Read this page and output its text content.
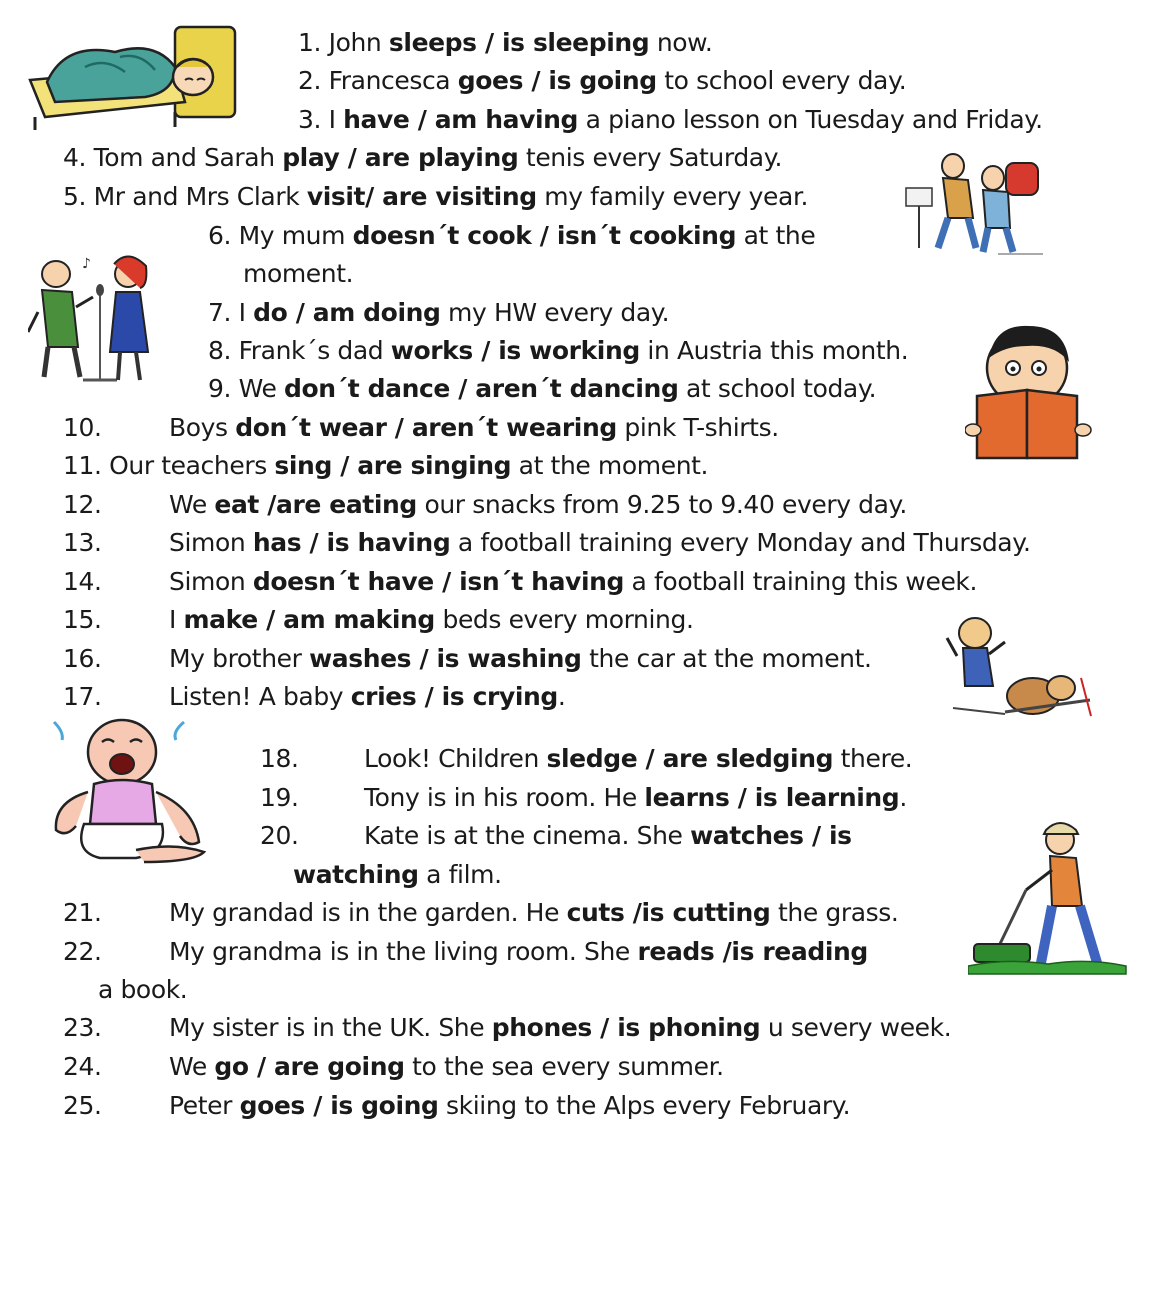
1. John sleeps / is sleeping now.
2. Francesca goes / is going to school every day.
3. I have / am having a piano lesson on Tuesday and Friday.
4. Tom and Sarah play / are playing tenis every Saturday.
5. Mr and Mrs Clark visit/ are visiting my family every year.
6. My mum doesn´t cook / isn´t cooking at the
moment.
7. I do / am doing my HW every day.
8. Frank´s dad works / is working in Austria this month.
9. We don´t dance / aren´t dancing at school today.
10.	Boys don´t wear / aren´t wearing pink T-shirts.
11. Our teachers sing / are singing at the moment.
12.	We eat /are eating our snacks from 9.25 to 9.40 every day.
13.	Simon has / is having a football training every Monday and Thursday.
14.	Simon doesn´t have / isn´t having a football training this week.
15.	I make / am making beds every morning.
16.	My brother washes / is washing the car at the moment.
17.	Listen! A baby cries / is crying.
18.	Look! Children sledge / are sledging there.
19.	Tony is in his room. He learns / is learning.
20.	Kate is at the cinema. She watches / is
watching a film.
21.	My grandad is in the garden. He cuts /is cutting the grass.
22.	My grandma is in the living room. She reads /is reading
a book.
23.	My sister is in the UK. She phones / is phoning u severy week.
24.	We go / are going to the sea every summer.
25.	Peter goes / is going skiing to the Alps every February.
♪
